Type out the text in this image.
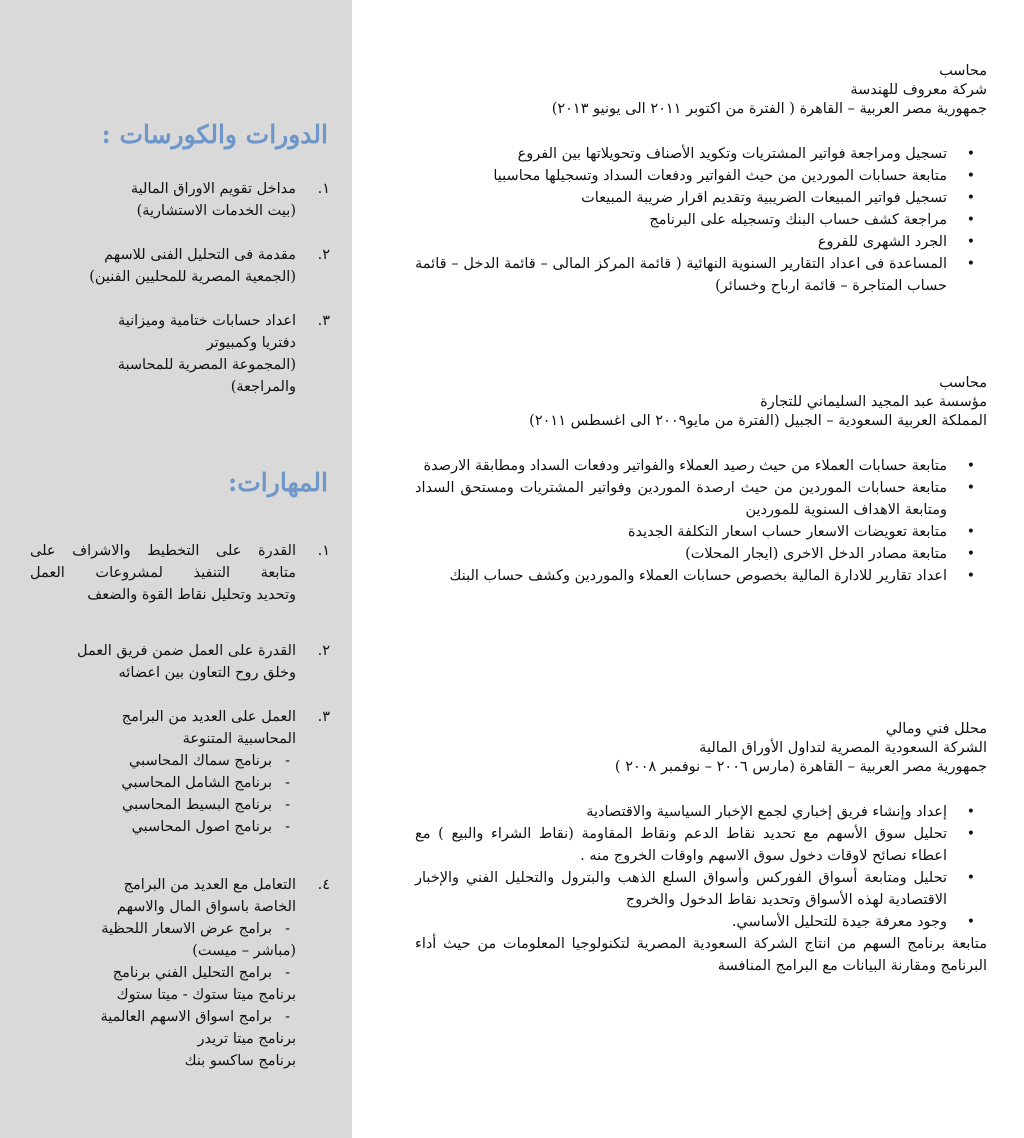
الدورات والكورسات :
١.
مداخل تقويم الاوراق المالية
(بيت الخدمات الاستشارية)
٢.
مقدمة فى التحليل الفنى للاسهم
(الجمعية المصرية للمحليين الفنين)
٣.
اعداد حسابات ختامية وميزانية
دفتريا وكمبيوتر
(المجموعة المصرية للمحاسبة
والمراجعة)
المهارات:
١.
القدرة على التخطيط والاشراف على
متابعة التنفيذ لمشروعات العمل
وتحديد وتحليل نقاط القوة والضعف
٢.
القدرة على العمل ضمن فريق العمل
وخلق روح التعاون بين اعضائه
٣.
العمل على العديد من البرامج
المحاسبية المتنوعة
- برنامج سماك المحاسبي
- برنامج الشامل المحاسبي
- برنامج البسيط المحاسبي
- برنامج اصول المحاسبي
٤.
التعامل مع العديد من البرامج
الخاصة باسواق المال والاسهم
- برامج عرض الاسعار اللحظية
(مباشر – ميست)
- برامج التحليل الفني برنامج
برنامج ميتا ستوك - ميتا ستوك
- برامج اسواق الاسهم العالمية
برنامج ميتا تريدر
برنامج ساكسو بنك
محاسب
شركة معروف للهندسة
جمهورية مصر العربية – القاهرة ( الفترة من اكتوبر ٢٠١١ الى يونيو ٢٠١٣)
• تسجيل ومراجعة فواتير المشتريات وتكويد الأصناف وتحويلاتها بين الفروع
• متابعة حسابات الموردين من حيث الفواتير ودفعات السداد وتسجيلها محاسبيا
• تسجيل فواتير المبيعات الضريبية وتقديم اقرار ضريبة المبيعات
• مراجعة كشف حساب البنك وتسجيله على البرنامج
• الجرد الشهرى للفروع
• المساعدة فى اعداد التقارير السنوية النهائية ( قائمة المركز المالى – قائمة الدخل – قائمة حساب المتاجرة – قائمة ارباح وخسائر)
محاسب
مؤسسة عبد المجيد السليماني للتجارة
المملكة العربية السعودية – الجبيل (الفترة من مايو٢٠٠٩ الى اغسطس ٢٠١١)
• متابعة حسابات العملاء من حيث رصيد العملاء والفواتير ودفعات السداد ومطابقة الارصدة
• متابعة حسابات الموردين من حيث ارصدة الموردين وفواتير المشتريات ومستحق السداد ومتابعة الاهداف السنوية للموردين
• متابعة تعويضات الاسعار حساب اسعار التكلفة الجديدة
• متابعة مصادر الدخل الاخرى (ايجار المحلات)
• اعداد تقارير للادارة المالية بخصوص حسابات العملاء والموردين وكشف حساب البنك
محلل فني ومالي
الشركة السعودية المصرية لتداول الأوراق المالية
جمهورية مصر العربية – القاهرة (مارس ٢٠٠٦ – نوفمبر ٢٠٠٨ )
• إعداد وإنشاء فريق إخباري لجمع الإخبار السياسية والاقتصادية
• تحليل سوق الأسهم مع تحديد نقاط الدعم ونقاط المقاومة (نقاط الشراء والبيع ) مع اعطاء نصائح لاوقات دخول سوق الاسهم واوقات الخروج منه .
• تحليل ومتابعة أسواق الفوركس وأسواق السلع الذهب والبترول والتحليل الفني والإخبار الاقتصادية لهذه الأسواق وتحديد نقاط الدخول والخروج
• وجود معرفة جيدة للتحليل الأساسي.
متابعة برنامج السهم من انتاج الشركة السعودية المصرية لتكنولوجيا المعلومات من حيث أداء البرنامج ومقارنة البيانات مع البرامج المنافسة
